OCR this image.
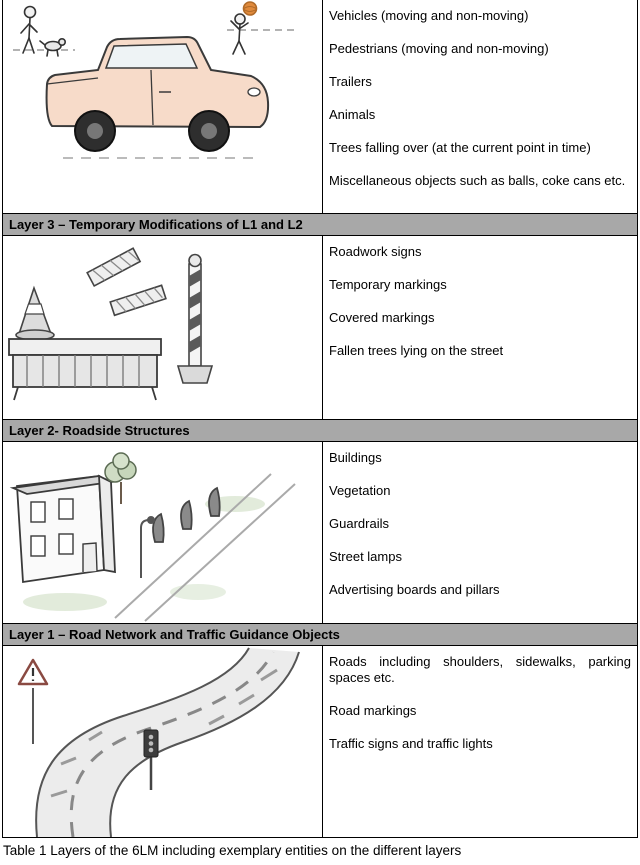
Vehicles (moving and non-moving)

Pedestrians (moving and non-moving)

Trailers

Animals

Trees falling over (at the current point in time)

Miscellaneous objects such as balls, coke cans etc.

Layer 3 – Temporary Modifications of L1 and L2

Roadwork signs

Temporary markings

Covered markings

Fallen trees lying on the street

Layer 2- Roadside Structures

Buildings

Vegetation

Guardrails

Street lamps

Advertising boards and pillars

Layer 1 – Road Network and Traffic Guidance Objects

Roads including shoulders, sidewalks, parking spaces etc.

Road markings

Traffic signs and traffic lights

Table 1 Layers of the 6LM including exemplary entities on the different layers
